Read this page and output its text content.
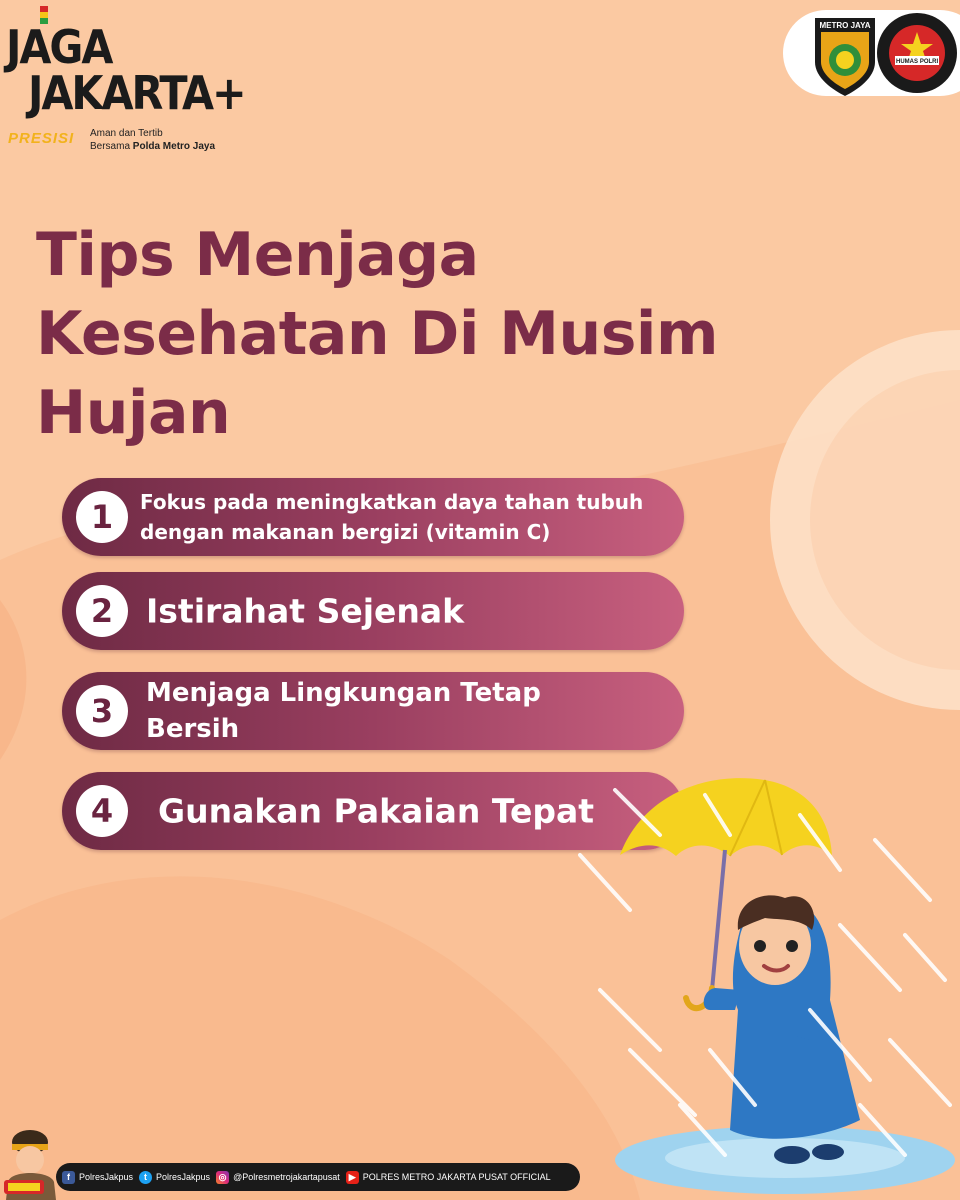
JAGA
JAKARTA+
PRESISI Aman dan Tertib
Bersama Polda Metro Jaya
METRO JAYA
HUMAS POLRI
Tips Menjaga Kesehatan Di Musim Hujan
1	Fokus pada meningkatkan daya tahan tubuh dengan makanan bergizi (vitamin C)
2 Istirahat Sejenak
3	Menjaga Lingkungan Tetap Bersih
4	Gunakan Pakaian Tepat
f	PolresJakpus	t	PolresJakpus ◎ @Polresmetrojakartapusat	▶ POLRES METRO JAKARTA PUSAT OFFICIAL
